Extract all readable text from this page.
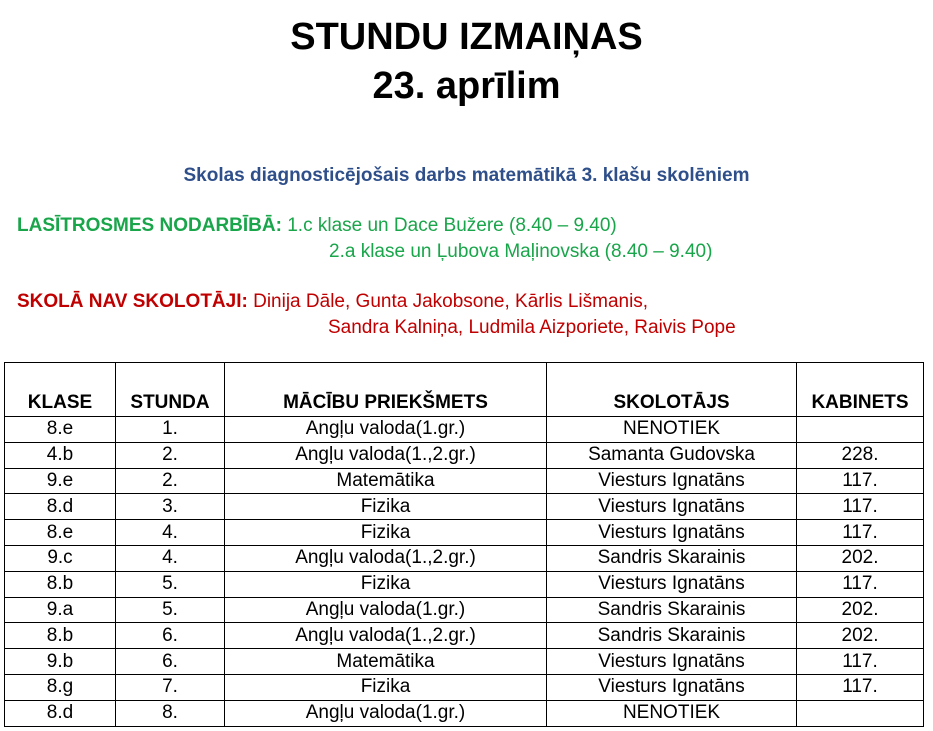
STUNDU IZMAIŅAS
23. aprīlim
Skolas diagnosticējošais darbs matemātikā 3. klašu skolēniem
LASĪTROSMES NODARBĪBĀ: 1.c klase un Dace Bužere (8.40 – 9.40)
2.a klase un Ļubova Maļinovska (8.40 – 9.40)
SKOLĀ NAV SKOLOTĀJI: Dinija Dāle, Gunta Jakobsone, Kārlis Lišmanis,
Sandra Kalniņa, Ludmila Aizporiete, Raivis Pope
KLASE	STUNDA	MĀCĪBU PRIEKŠMETS	SKOLOTĀJS	KABINETS
8.e	1.	Angļu valoda(1.gr.)	NENOTIEK	
4.b	2.	Angļu valoda(1.,2.gr.)	Samanta Gudovska	228.
9.e	2.	Matemātika	Viesturs Ignatāns	117.
8.d	3.	Fizika	Viesturs Ignatāns	117.
8.e	4.	Fizika	Viesturs Ignatāns	117.
9.c	4.	Angļu valoda(1.,2.gr.)	Sandris Skarainis	202.
8.b	5.	Fizika	Viesturs Ignatāns	117.
9.a	5.	Angļu valoda(1.gr.)	Sandris Skarainis	202.
8.b	6.	Angļu valoda(1.,2.gr.)	Sandris Skarainis	202.
9.b	6.	Matemātika	Viesturs Ignatāns	117.
8.g	7.	Fizika	Viesturs Ignatāns	117.
8.d	8.	Angļu valoda(1.gr.)	NENOTIEK	
